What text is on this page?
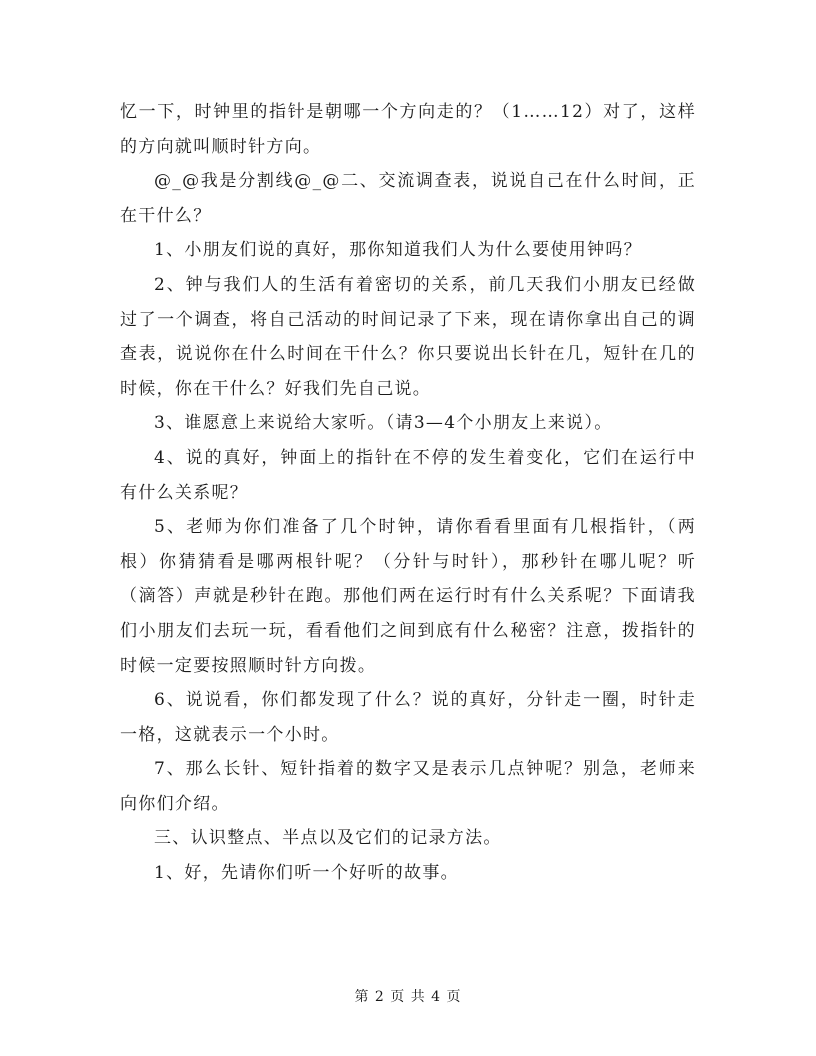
忆一下，时钟里的指针是朝哪一个方向走的？（1……12）对了，这样的方向就叫顺时针方向。

@_@我是分割线@_@二、交流调查表，说说自己在什么时间，正在干什么？

1、小朋友们说的真好，那你知道我们人为什么要使用钟吗？

2、钟与我们人的生活有着密切的关系，前几天我们小朋友已经做过了一个调查，将自己活动的时间记录了下来，现在请你拿出自己的调查表，说说你在什么时间在干什么？你只要说出长针在几，短针在几的时候，你在干什么？好我们先自己说。

3、谁愿意上来说给大家听。（请3—4个小朋友上来说）。

4、说的真好，钟面上的指针在不停的发生着变化，它们在运行中有什么关系呢？

5、老师为你们准备了几个时钟，请你看看里面有几根指针，（两根）你猜猜看是哪两根针呢？（分针与时针），那秒针在哪儿呢？听（滴答）声就是秒针在跑。那他们两在运行时有什么关系呢？下面请我们小朋友们去玩一玩，看看他们之间到底有什么秘密？注意，拨指针的时候一定要按照顺时针方向拨。

6、说说看，你们都发现了什么？说的真好，分针走一圈，时针走一格，这就表示一个小时。

7、那么长针、短针指着的数字又是表示几点钟呢？别急，老师来向你们介绍。

三、认识整点、半点以及它们的记录方法。

1、好，先请你们听一个好听的故事。

第 2 页 共 4 页
